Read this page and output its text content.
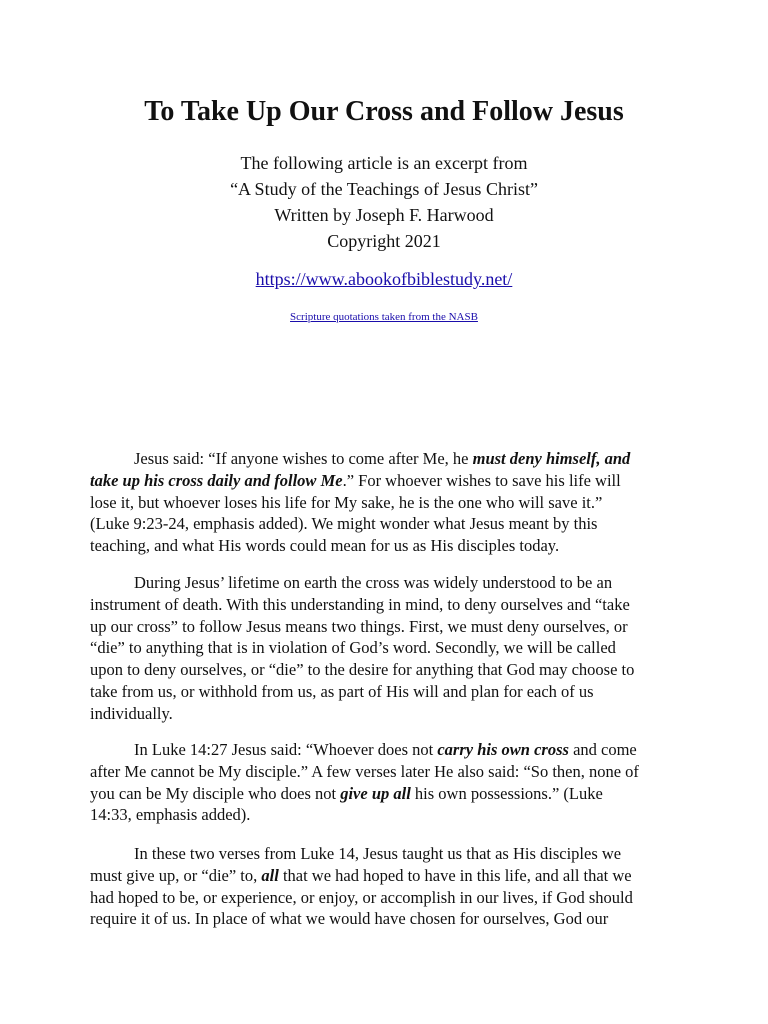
To Take Up Our Cross and Follow Jesus

The following article is an excerpt from

“A Study of the Teachings of Jesus Christ”

Written by Joseph F. Harwood

Copyright 2021

https://www.abookofbiblestudy.net/

Scripture quotations taken from the NASB

Jesus said: “If anyone wishes to come after Me, he must deny himself, and
take up his cross daily and follow Me.” For whoever wishes to save his life will
lose it, but whoever loses his life for My sake, he is the one who will save it.”
(Luke 9:23-24, emphasis added). We might wonder what Jesus meant by this
teaching, and what His words could mean for us as His disciples today.
During Jesus’ lifetime on earth the cross was widely understood to be an
instrument of death. With this understanding in mind, to deny ourselves and “take
up our cross” to follow Jesus means two things. First, we must deny ourselves, or
“die” to anything that is in violation of God’s word. Secondly, we will be called
upon to deny ourselves, or “die” to the desire for anything that God may choose to
take from us, or withhold from us, as part of His will and plan for each of us
individually.
In Luke 14:27 Jesus said: “Whoever does not carry his own cross and come
after Me cannot be My disciple.” A few verses later He also said: “So then, none of
you can be My disciple who does not give up all his own possessions.” (Luke
14:33, emphasis added).
In these two verses from Luke 14, Jesus taught us that as His disciples we
must give up, or “die” to, all that we had hoped to have in this life, and all that we
had hoped to be, or experience, or enjoy, or accomplish in our lives, if God should
require it of us. In place of what we would have chosen for ourselves, God our
